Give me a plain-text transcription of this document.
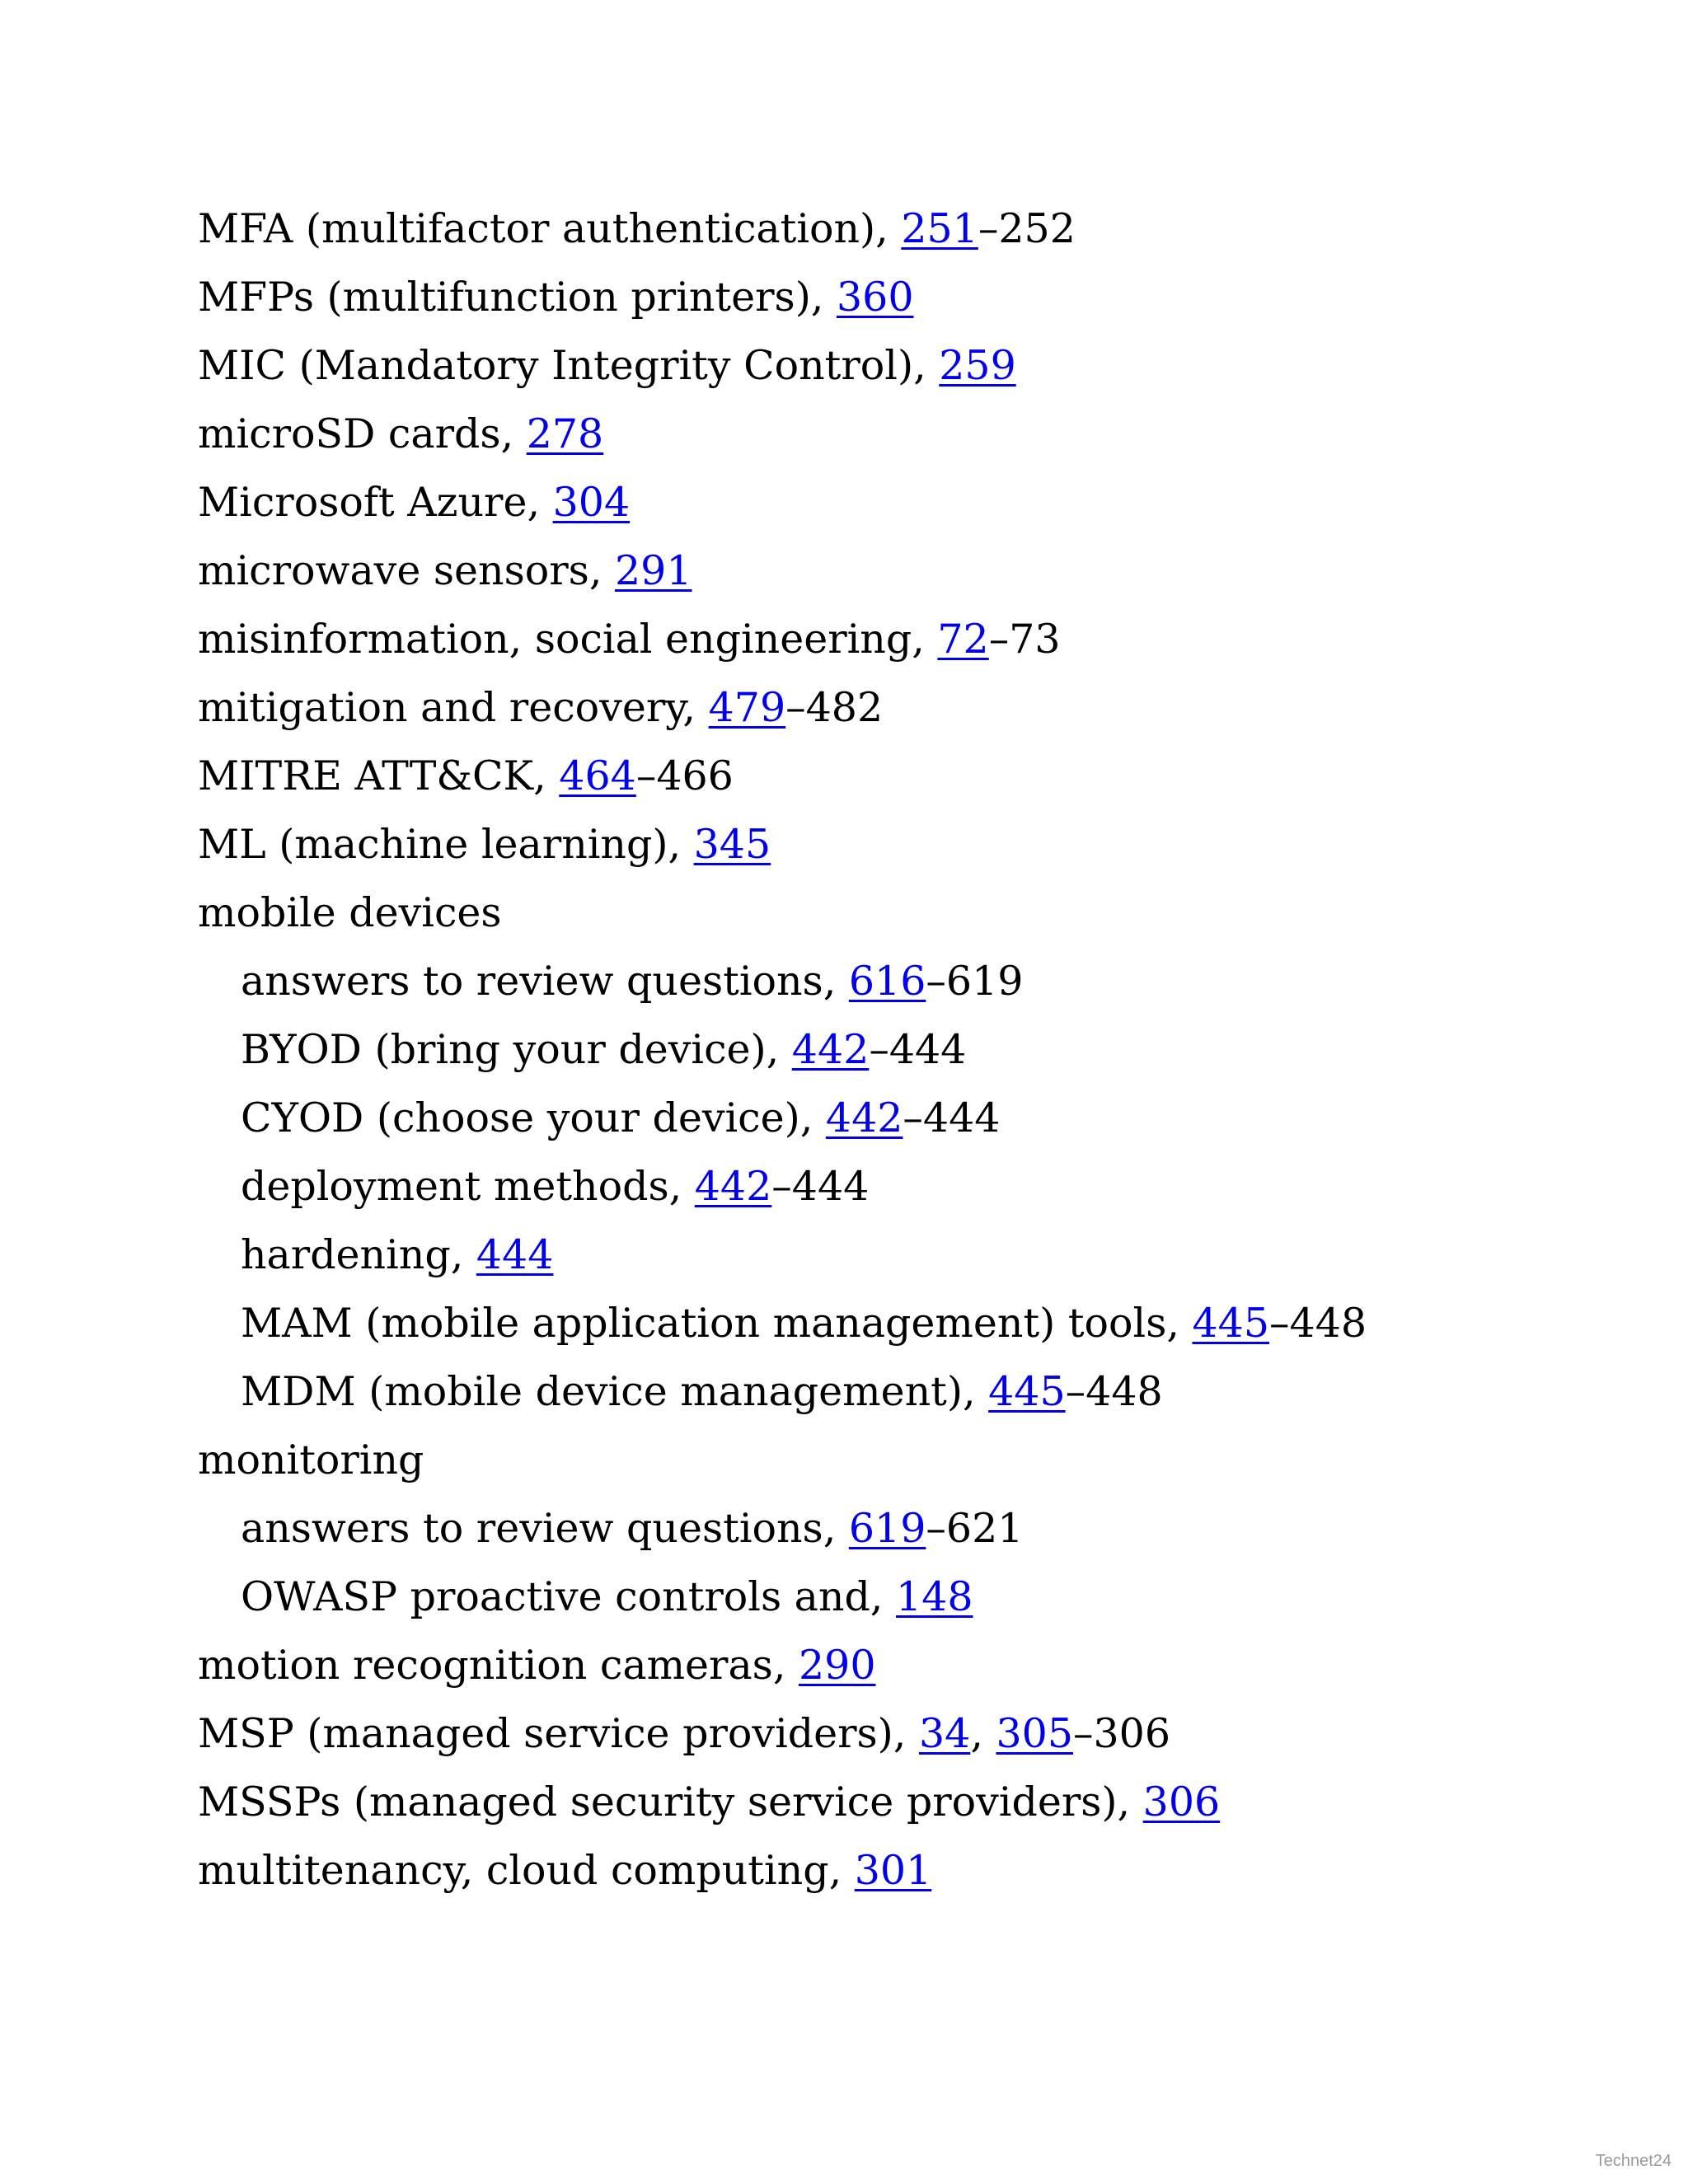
MFA (multifactor authentication), 251–252
MFPs (multifunction printers), 360
MIC (Mandatory Integrity Control), 259
microSD cards, 278
Microsoft Azure, 304
microwave sensors, 291
misinformation, social engineering, 72–73
mitigation and recovery, 479–482
MITRE ATT&CK, 464–466
ML (machine learning), 345
mobile devices
answers to review questions, 616–619
BYOD (bring your device), 442–444
CYOD (choose your device), 442–444
deployment methods, 442–444
hardening, 444
MAM (mobile application management) tools, 445–448
MDM (mobile device management), 445–448
monitoring
answers to review questions, 619–621
OWASP proactive controls and, 148
motion recognition cameras, 290
MSP (managed service providers), 34, 305–306
MSSPs (managed security service providers), 306
multitenancy, cloud computing, 301
Technet24
